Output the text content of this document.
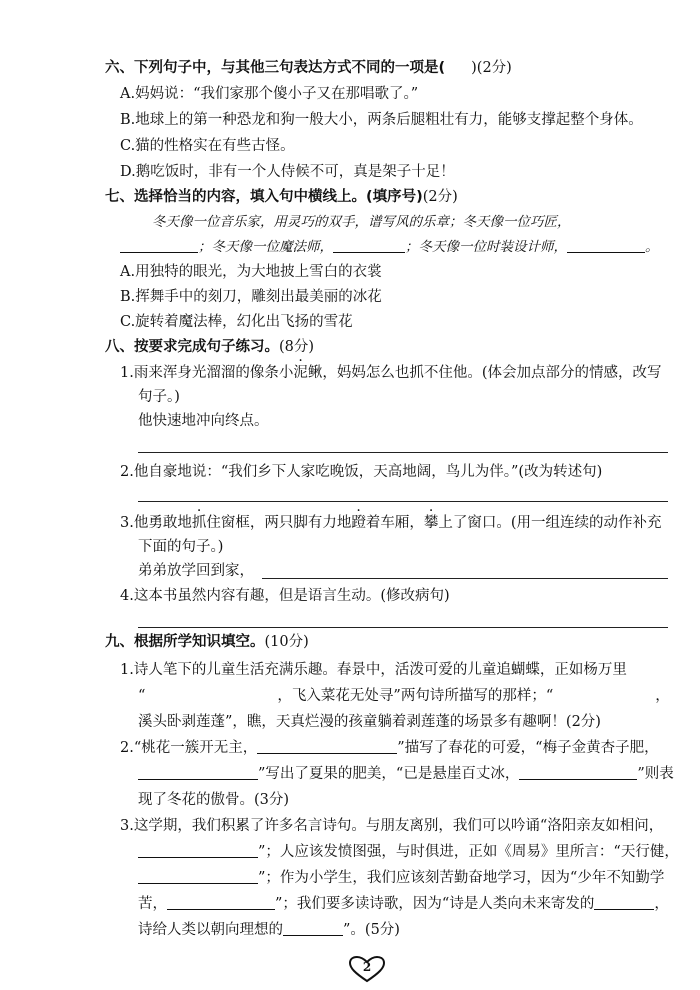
六、下列句子中，与其他三句表达方式不同的一项是( )(2分)
A.妈妈说：“我们家那个傻小子又在那唱歌了。”
B.地球上的第一种恐龙和狗一般大小，两条后腿粗壮有力，能够支撑起整个身体。
C.猫的性格实在有些古怪。
D.鹅吃饭时，非有一个人侍候不可，真是架子十足！
七、选择恰当的内容，填入句中横线上。(填序号)(2分)
冬天像一位音乐家，用灵巧的双手，谱写风的乐章；冬天像一位巧匠，
；冬天像一位魔法师，	；冬天像一位时装设计师，	。
A.用独特的眼光，为大地披上雪白的衣裳
B.挥舞手中的刻刀，雕刻出最美丽的冰花
C.旋转着魔法棒，幻化出飞扬的雪花
八、按要求完成句子练习。(8分)
1.雨来浑身光溜溜的像条小泥鳅，妈妈怎么也抓不住他。(体会加点部分的情感，改写
句子。)
他快速地冲向终点。
2.他自豪地说：“我们乡下人家吃晚饭，天高地阔，鸟儿为伴。”(改为转述句)
3.他勇敢地抓住窗框，两只脚有力地蹬着车厢，攀上了窗口。(用一组连续的动作补充
下面的句子。)
弟弟放学回到家，
4.这本书虽然内容有趣，但是语言生动。(修改病句)
九、根据所学知识填空。(10分)
1.诗人笔下的儿童生活充满乐趣。春景中，活泼可爱的儿童追蝴蝶，正如杨万里
“	，飞入菜花无处寻”两句诗所描写的那样；“	，
溪头卧剥莲蓬”，瞧，天真烂漫的孩童躺着剥莲蓬的场景多有趣啊！(2分)
2.“桃花一簇开无主，	”描写了春花的可爱，“梅子金黄杏子肥，
”写出了夏果的肥美，“已是悬崖百丈冰，	”则表
现了冬花的傲骨。(3分)
3.这学期，我们积累了许多名言诗句。与朋友离别，我们可以吟诵“洛阳亲友如相问，
”；人应该发愤图强，与时俱进，正如《周易》里所言：“天行健，
”；作为小学生，我们应该刻苦勤奋地学习，因为“少年不知勤学
苦，	”；我们要多读诗歌，因为“诗是人类向未来寄发的	，
诗给人类以朝向理想的	”。(5分)
2
